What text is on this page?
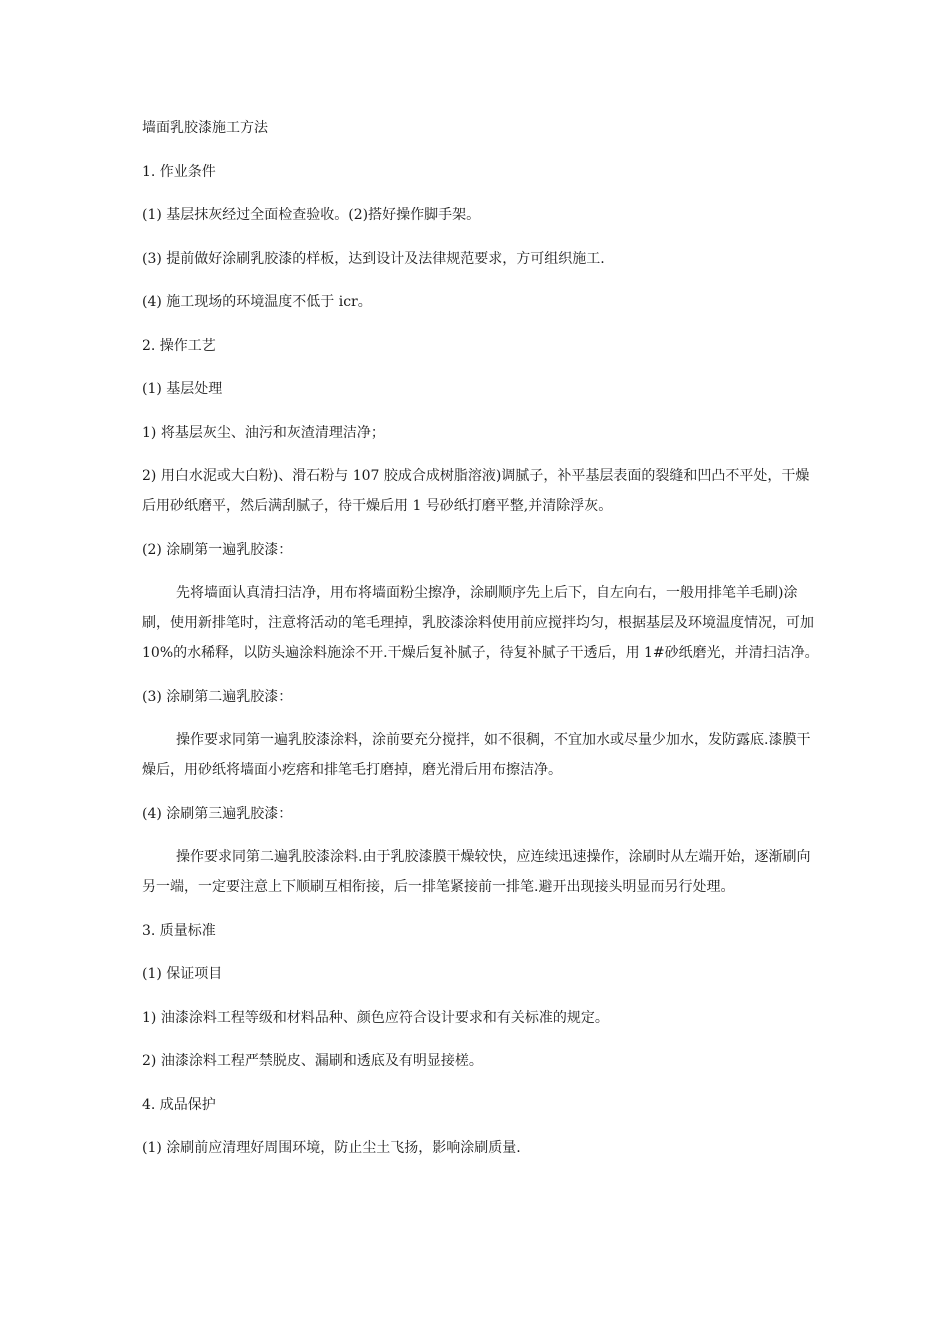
墙面乳胶漆施工方法

1. 作业条件

(1) 基层抹灰经过全面检查验收。(2)搭好操作脚手架。

(3) 提前做好涂刷乳胶漆的样板，达到设计及法律规范要求，方可组织施工.

(4) 施工现场的环境温度不低于 icr。

2. 操作工艺

(1) 基层处理

1) 将基层灰尘、油污和灰渣清理洁净；

2) 用白水泥或大白粉)、滑石粉与 107 胶成合成树脂溶液)调腻子，补平基层表面的裂缝和凹凸不平处，干燥后用砂纸磨平，然后满刮腻子，待干燥后用 1 号砂纸打磨平整,并清除浮灰。

(2) 涂刷第一遍乳胶漆：

先将墙面认真清扫洁净，用布将墙面粉尘擦净，涂刷顺序先上后下，自左向右，一般用排笔羊毛刷)涂刷，使用新排笔时，注意将活动的笔毛理掉，乳胶漆涂料使用前应搅拌均匀，根据基层及环境温度情况，可加 10%的水稀释，以防头遍涂料施涂不开.干燥后复补腻子，待复补腻子干透后，用 1#砂纸磨光，并清扫洁净。

(3) 涂刷第二遍乳胶漆：

操作要求同第一遍乳胶漆涂料，涂前要充分搅拌，如不很稠，不宜加水或尽量少加水，发防露底.漆膜干燥后，用砂纸将墙面小疙瘩和排笔毛打磨掉，磨光滑后用布擦洁净。

(4) 涂刷第三遍乳胶漆：

操作要求同第二遍乳胶漆涂料.由于乳胶漆膜干燥较快，应连续迅速操作，涂刷时从左端开始，逐渐刷向另一端，一定要注意上下顺刷互相衔接，后一排笔紧接前一排笔.避开出现接头明显而另行处理。

3. 质量标准

(1) 保证项目

1) 油漆涂料工程等级和材料品种、颜色应符合设计要求和有关标准的规定。

2) 油漆涂料工程严禁脱皮、漏刷和透底及有明显接槎。

4. 成品保护

(1) 涂刷前应清理好周围环境，防止尘土飞扬，影响涂刷质量.
